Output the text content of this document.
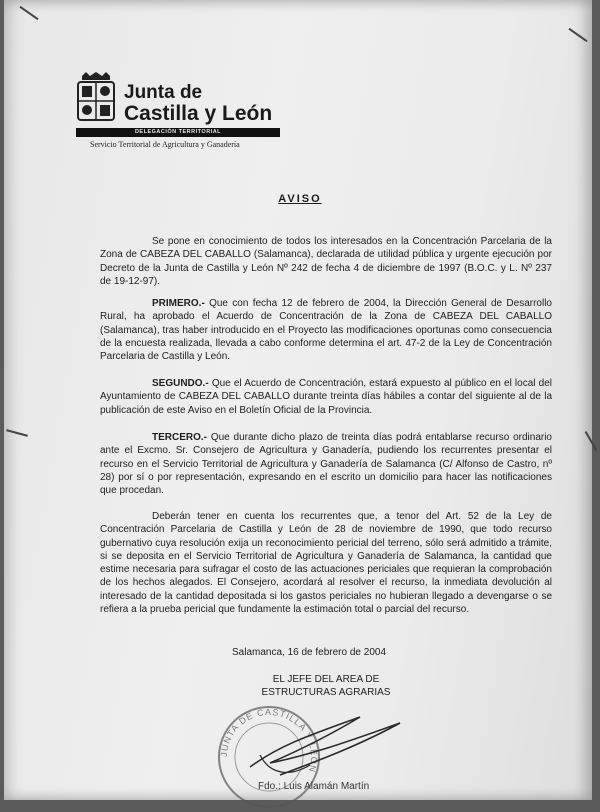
Junta de
Castilla y León
DELEGACIÓN TERRITORIAL
Servicio Territorial de Agricultura y Ganadería
AVISO

Se pone en conocimiento de todos los interesados en la Concentración Parcelaria de la Zona de CABEZA DEL CABALLO (Salamanca), declarada de utilidad pública y urgente ejecución por Decreto de la Junta de Castilla y León Nº 242 de fecha 4 de diciembre de 1997 (B.O.C. y L. Nº 237 de 19-12-97).

PRIMERO.- Que con fecha 12 de febrero de 2004, la Dirección General de Desarrollo Rural, ha aprobado el Acuerdo de Concentración de la Zona de CABEZA DEL CABALLO (Salamanca), tras haber introducido en el Proyecto las modificaciones oportunas como consecuencia de la encuesta realizada, llevada a cabo conforme determina el art. 47-2 de la Ley de Concentración Parcelaria de Castilla y León.

SEGUNDO.- Que el Acuerdo de Concentración, estará expuesto al público en el local del Ayuntamiento de CABEZA DEL CABALLO durante treinta días hábiles a contar del siguiente al de la publicación de este Aviso en el Boletín Oficial de la Provincia.

TERCERO.- Que durante dicho plazo de treinta días podrá entablarse recurso ordinario ante el Excmo. Sr. Consejero de Agricultura y Ganadería, pudiendo los recurrentes presentar el recurso en el Servicio Territorial de Agricultura y Ganadería de Salamanca (C/ Alfonso de Castro, nº 28) por sí o por representación, expresando en el escrito un domicilio para hacer las notificaciones que procedan.

Deberán tener en cuenta los recurrentes que, a tenor del Art. 52 de la Ley de Concentración Parcelaria de Castilla y León de 28 de noviembre de 1990, que todo recurso gubernativo cuya resolución exija un reconocimiento pericial del terreno, sólo será admitido a trámite, si se deposita en el Servicio Territorial de Agricultura y Ganadería de Salamanca, la cantidad que estime necesaria para sufragar el costo de las actuaciones periciales que requieran la comprobación de los hechos alegados. El Consejero, acordará al resolver el recurso, la inmediata devolución al interesado de la cantidad depositada si los gastos periciales no hubieran llegado a devengarse o se refiera a la prueba pericial que fundamente la estimación total o parcial del recurso.

Salamanca, 16 de febrero de 2004
EL JEFE DEL AREA DE
ESTRUCTURAS AGRARIAS
JUNTA DE CASTILLA Y LEÓN
Fdo.: Luis Alamán Martín
